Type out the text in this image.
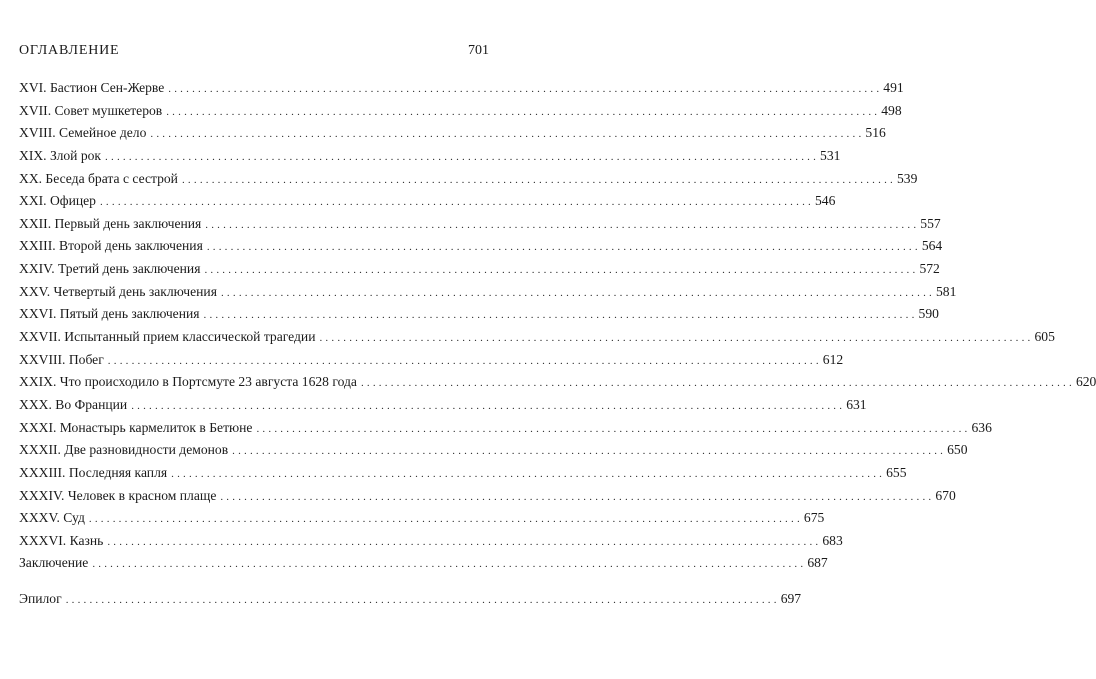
ОГЛАВЛЕНИЕ	701
XVI. Бастион Сен-Жерве ........................................................................................................................ 491
XVII. Совет мушкетеров ........................................................................................................................ 498
XVIII. Семейное дело ........................................................................................................................ 516
XIX. Злой рок ........................................................................................................................ 531
XX. Беседа брата с сестрой ........................................................................................................................ 539
XXI. Офицер ........................................................................................................................ 546
XXII. Первый день заключения ........................................................................................................................ 557
XXIII. Второй день заключения ........................................................................................................................ 564
XXIV. Третий день заключения ........................................................................................................................ 572
XXV. Четвертый день заключения ........................................................................................................................ 581
XXVI. Пятый день заключения ........................................................................................................................ 590
XXVII. Испытанный прием классической трагедии ........................................................................................................................ 605
XXVIII. Побег ........................................................................................................................ 612
XXIX. Что происходило в Портсмуте 23 августа 1628 года ........................................................................................................................ 620
XXX. Во Франции ........................................................................................................................ 631
XXXI. Монастырь кармелиток в Бетюне ........................................................................................................................ 636
XXXII. Две разновидности демонов ........................................................................................................................ 650
XXXIII. Последняя капля ........................................................................................................................ 655
XXXIV. Человек в красном плаще ........................................................................................................................ 670
XXXV. Суд ........................................................................................................................ 675
XXXVI. Казнь ........................................................................................................................ 683
Заключение ........................................................................................................................ 687
Эпилог ........................................................................................................................ 697
